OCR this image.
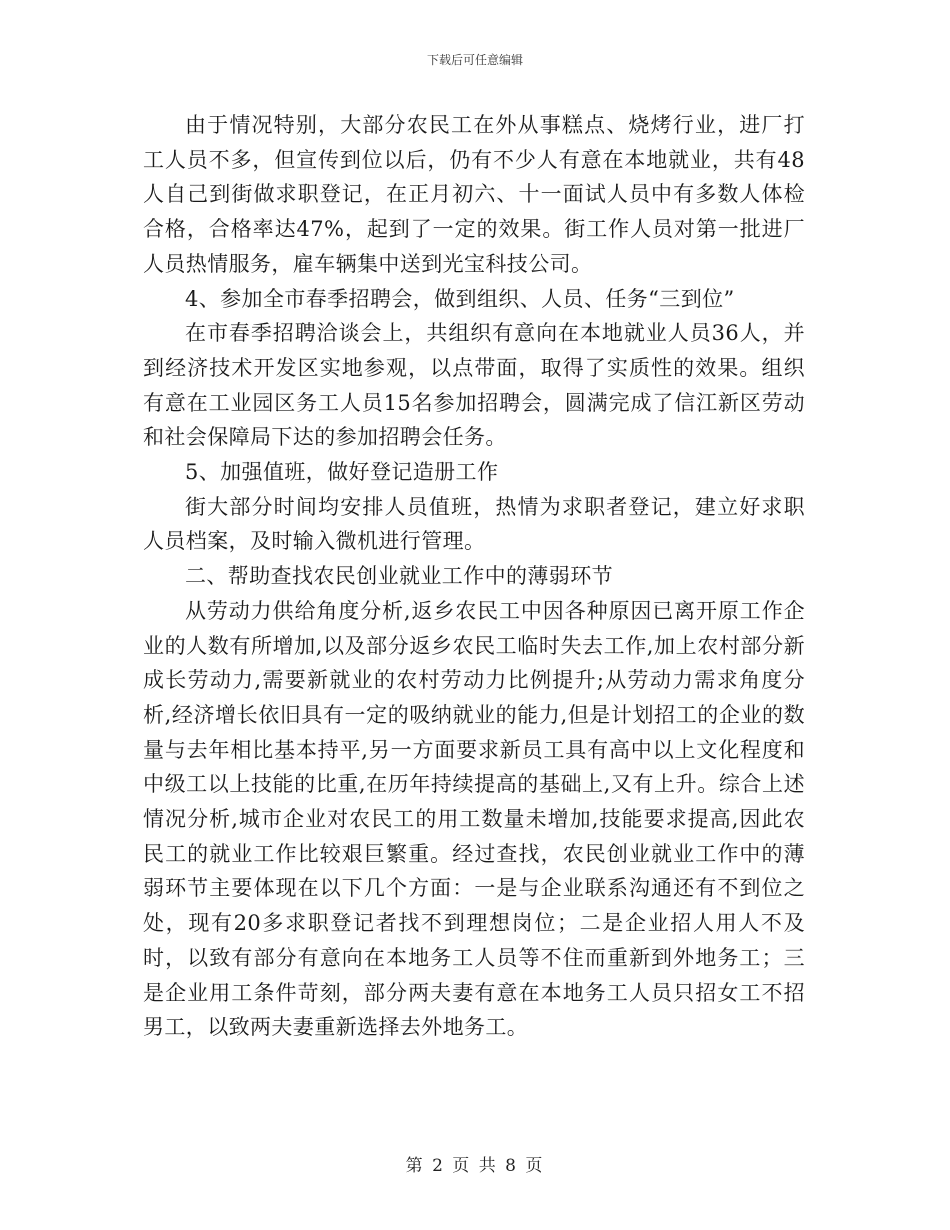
下载后可任意编辑

由于情况特别，大部分农民工在外从事糕点、烧烤行业，进厂打工人员不多，但宣传到位以后，仍有不少人有意在本地就业，共有48人自己到街做求职登记，在正月初六、十一面试人员中有多数人体检合格，合格率达47%，起到了一定的效果。街工作人员对第一批进厂人员热情服务，雇车辆集中送到光宝科技公司。

4、参加全市春季招聘会，做到组织、人员、任务“三到位”

在市春季招聘洽谈会上，共组织有意向在本地就业人员36人，并到经济技术开发区实地参观，以点带面，取得了实质性的效果。组织有意在工业园区务工人员15名参加招聘会，圆满完成了信江新区劳动和社会保障局下达的参加招聘会任务。

5、加强值班，做好登记造册工作

街大部分时间均安排人员值班，热情为求职者登记，建立好求职人员档案，及时输入微机进行管理。

二、帮助查找农民创业就业工作中的薄弱环节

从劳动力供给角度分析,返乡农民工中因各种原因已离开原工作企业的人数有所增加,以及部分返乡农民工临时失去工作,加上农村部分新成长劳动力,需要新就业的农村劳动力比例提升;从劳动力需求角度分析,经济增长依旧具有一定的吸纳就业的能力,但是计划招工的企业的数量与去年相比基本持平,另一方面要求新员工具有高中以上文化程度和中级工以上技能的比重,在历年持续提高的基础上,又有上升。综合上述情况分析,城市企业对农民工的用工数量未增加,技能要求提高,因此农民工的就业工作比较艰巨繁重。经过查找，农民创业就业工作中的薄弱环节主要体现在以下几个方面：一是与企业联系沟通还有不到位之处，现有20多求职登记者找不到理想岗位；二是企业招人用人不及时，以致有部分有意向在本地务工人员等不住而重新到外地务工；三是企业用工条件苛刻，部分两夫妻有意在本地务工人员只招女工不招男工，以致两夫妻重新选择去外地务工。

第 2 页 共 8 页
